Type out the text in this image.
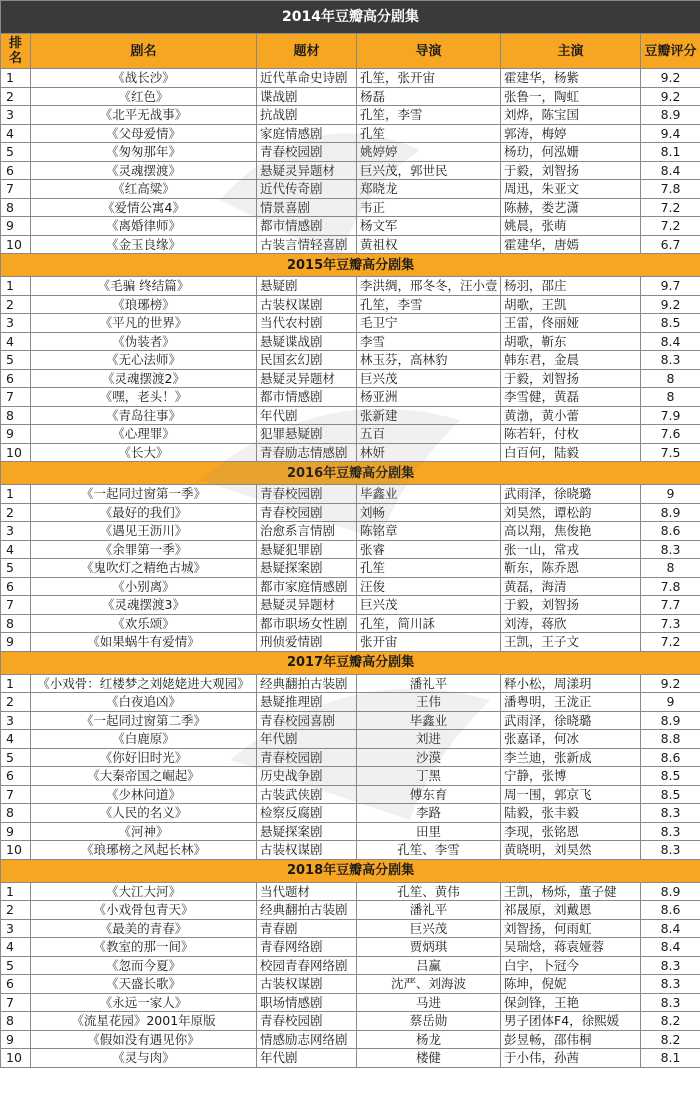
2014年豆瓣高分剧集					
排名	剧名	题材	导演	主演	豆瓣评分
1	《战长沙》	近代革命史诗剧	孔笙，张开宙	霍建华，杨紫	9.2
2	《红色》	谍战剧	杨磊	张鲁一，陶虹	9.2
3	《北平无战事》	抗战剧	孔笙，李雪	刘烨，陈宝国	8.9
4	《父母爱情》	家庭情感剧	孔笙	郭涛，梅婷	9.4
5	《匆匆那年》	青春校园剧	姚婷婷	杨玏，何泓姗	8.1
6	《灵魂摆渡》	悬疑灵异题材	巨兴茂，郭世民	于毅，刘智扬	8.4
7	《红高粱》	近代传奇剧	郑晓龙	周迅，朱亚文	7.8
8	《爱情公寓4》	情景喜剧	韦正	陈赫，娄艺潇	7.2
9	《离婚律师》	都市情感剧	杨文军	姚晨，张萌	7.2
10	《金玉良缘》	古装言情轻喜剧	黄祖权	霍建华，唐嫣	6.7
2015年豆瓣高分剧集					
1	《毛骗 终结篇》	悬疑剧	李洪绸，邢冬冬，汪小壹	杨羽，邵庄	9.7
2	《琅琊榜》	古装权谋剧	孔笙，李雪	胡歌，王凯	9.2
3	《平凡的世界》	当代农村剧	毛卫宁	王雷，佟丽娅	8.5
4	《伪装者》	悬疑谍战剧	李雪	胡歌，靳东	8.4
5	《无心法师》	民国玄幻剧	林玉芬，高林豹	韩东君，金晨	8.3
6	《灵魂摆渡2》	悬疑灵异题材	巨兴茂	于毅，刘智扬	8
7	《嘿，老头！》	都市情感剧	杨亚洲	李雪健，黄磊	8
8	《青岛往事》	年代剧	张新建	黄渤，黄小蕾	7.9
9	《心理罪》	犯罪悬疑剧	五百	陈若轩，付枚	7.6
10	《长大》	青春励志情感剧	林妍	白百何，陆毅	7.5
2016年豆瓣高分剧集					
1	《一起同过窗第一季》	青春校园剧	毕鑫业	武雨泽，徐晓璐	9
2	《最好的我们》	青春校园剧	刘畅	刘昊然，谭松韵	8.9
3	《遇见王沥川》	治愈系言情剧	陈铭章	高以翔，焦俊艳	8.6
4	《余罪第一季》	悬疑犯罪剧	张睿	张一山，常戎	8.3
5	《鬼吹灯之精绝古城》	悬疑探案剧	孔笙	靳东，陈乔恩	8
6	《小别离》	都市家庭情感剧	汪俊	黄磊，海清	7.8
7	《灵魂摆渡3》	悬疑灵异题材	巨兴茂	于毅，刘智扬	7.7
8	《欢乐颂》	都市职场女性剧	孔笙，简川訸	刘涛，蒋欣	7.3
9	《如果蜗牛有爱情》	刑侦爱情剧	张开宙	王凯，王子文	7.2
2017年豆瓣高分剧集					
1	《小戏骨：红楼梦之刘姥姥进大观园》	经典翻拍古装剧	潘礼平	释小松，周漾玥	9.2
2	《白夜追凶》	悬疑推理剧	王伟	潘粤明，王泷正	9
3	《一起同过窗第二季》	青春校园喜剧	毕鑫业	武雨泽，徐晓璐	8.9
4	《白鹿原》	年代剧	刘进	张嘉译，何冰	8.8
5	《你好旧时光》	青春校园剧	沙漠	李兰迪，张新成	8.6
6	《大秦帝国之崛起》	历史战争剧	丁黑	宁静，张博	8.5
7	《少林问道》	古装武侠剧	傅东育	周一围，郭京飞	8.5
8	《人民的名义》	检察反腐剧	李路	陆毅，张丰毅	8.3
9	《河神》	悬疑探案剧	田里	李现，张铭恩	8.3
10	《琅琊榜之风起长林》	古装权谋剧	孔笙、李雪	黄晓明，刘昊然	8.3
2018年豆瓣高分剧集					
1	《大江大河》	当代题材	孔笙、黄伟	王凯，杨烁，董子健	8.9
2	《小戏骨包青天》	经典翻拍古装剧	潘礼平	祁晟原，刘戴恩	8.6
3	《最美的青春》	青春剧	巨兴茂	刘智扬，何雨虹	8.4
4	《教室的那一间》	青春网络剧	贾炳琪	吴瑞焓，蒋袁娅蓉	8.4
5	《忽而今夏》	校园青春网络剧	吕赢	白宇，卜冠今	8.3
6	《天盛长歌》	古装权谋剧	沈严、刘海波	陈坤，倪妮	8.3
7	《永远一家人》	职场情感剧	马进	保剑锋，王艳	8.3
8	《流星花园》2001年原版	青春校园剧	蔡岳勋	男子团体F4，徐熙媛	8.2
9	《假如没有遇见你》	情感励志网络剧	杨龙	彭昱畅，邵伟桐	8.2
10	《灵与肉》	年代剧	楼健	于小伟，孙茜	8.1
